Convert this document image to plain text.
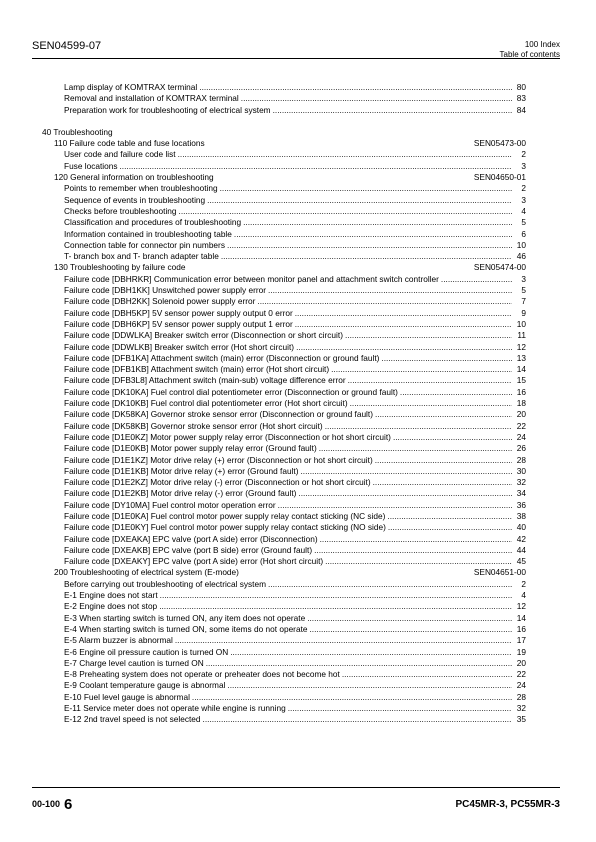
SEN04599-07	100 Index
Table of contents
Lamp display of KOMTRAX terminal .....	80
Removal and installation of KOMTRAX terminal .....	83
Preparation work for troubleshooting of electrical system .....	84
40 Troubleshooting
110 Failure code table and fuse locations	SEN05473-00
User code and failure code list .....	2
Fuse locations .....	3
120 General information on troubleshooting	SEN04650-01
Points to remember when troubleshooting .....	2
Sequence of events in troubleshooting .....	3
Checks before troubleshooting .....	4
Classification and procedures of troubleshooting .....	5
Information contained in troubleshooting table .....	6
Connection table for connector pin numbers .....	10
T- branch box and T- branch adapter table .....	46
130 Troubleshooting by failure code	SEN05474-00
Failure code [DBHRKR] Communication error between monitor panel and attachment switch controller .....	3
Failure code [DBH1KK] Unswitched power supply error .....	5
Failure code [DBH2KK] Solenoid power supply error .....	7
Failure code [DBH5KP] 5V sensor power supply output 0 error .....	9
Failure code [DBH6KP] 5V sensor power supply output 1 error .....	10
Failure code [DDWLKA] Breaker switch error (Disconnection or short circuit) .....	11
Failure code [DDWLKB] Breaker switch error (Hot short circuit) .....	12
Failure code [DFB1KA] Attachment switch (main) error (Disconnection or ground fault) .....	13
Failure code [DFB1KB] Attachment switch (main) error (Hot short circuit) .....	14
Failure code [DFB3L8] Attachment switch (main-sub) voltage difference error .....	15
Failure code [DK10KA] Fuel control dial potentiometer error (Disconnection or ground fault) .....	16
Failure code [DK10KB] Fuel control dial potentiometer error (Hot short circuit) .....	18
Failure code [DK58KA] Governor stroke sensor error (Disconnection or ground fault) .....	20
Failure code [DK58KB] Governor stroke sensor error (Hot short circuit) .....	22
Failure code [D1E0KZ] Motor power supply relay error (Disconnection or hot short circuit) .....	24
Failure code [D1E0KB] Motor power supply relay error (Ground fault) .....	26
Failure code [D1E1KZ] Motor drive relay (+) error (Disconnection or hot short circuit) .....	28
Failure code [D1E1KB] Motor drive relay (+) error (Ground fault) .....	30
Failure code [D1E2KZ] Motor drive relay (-) error (Disconnection or hot short circuit) .....	32
Failure code [D1E2KB] Motor drive relay (-) error (Ground fault) .....	34
Failure code [DY10MA] Fuel control motor operation error .....	36
Failure code [D1E0KA] Fuel control motor power supply relay contact sticking (NC side) .....	38
Failure code [D1E0KY] Fuel control motor power supply relay contact sticking (NO side) .....	40
Failure code [DXEAKA] EPC valve (port A side) error (Disconnection) .....	42
Failure code [DXEAKB] EPC valve (port B side) error (Ground fault) .....	44
Failure code [DXEAKY] EPC valve (port A side) error (Hot short circuit) .....	45
200 Troubleshooting of electrical system (E-mode)	SEN04651-00
Before carrying out troubleshooting of electrical system .....	2
E-1 Engine does not start .....	4
E-2 Engine does not stop .....	12
E-3 When starting switch is turned ON, any item does not operate .....	14
E-4 When starting switch is turned ON, some items do not operate .....	16
E-5 Alarm buzzer is abnormal .....	17
E-6 Engine oil pressure caution is turned ON .....	19
E-7 Charge level caution is turned ON .....	20
E-8 Preheating system does not operate or preheater does not become hot .....	22
E-9 Coolant temperature gauge is abnormal .....	24
E-10 Fuel level gauge is abnormal .....	28
E-11 Service meter does not operate while engine is running .....	32
E-12 2nd travel speed is not selected .....	35
00-100 6	PC45MR-3, PC55MR-3
